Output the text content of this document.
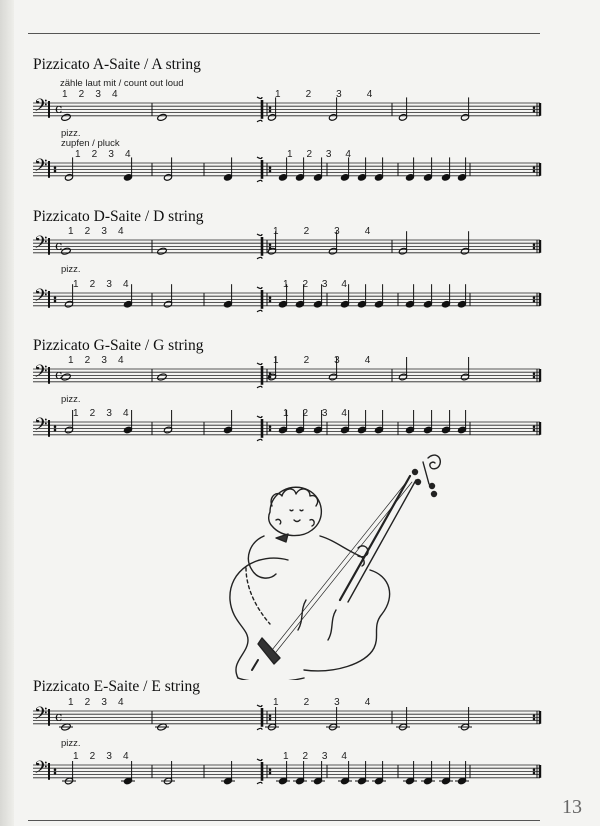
Pizzicato A-Saite / A string
zähle laut mit / count out loud
1    2    3    4	1         2         3         4
pizz.
zupfen / pluck
1    2    3    4	1     2     3     4
Pizzicato D-Saite / D string
1    2    3    4	1         2         3         4
pizz.
1    2    3    4	1     2     3     4
Pizzicato G-Saite / G string
1    2    3    4	1         2         3         4
pizz.
1    2    3    4	1     2     3     4
Pizzicato E-Saite / E string
1    2    3    4	1         2         3         4
pizz.
1    2    3    4	1     2     3     4
𝄢 c
𝄢
𝄢 c
𝄢
𝄢 c
𝄢
𝄢 c
𝄢
13
